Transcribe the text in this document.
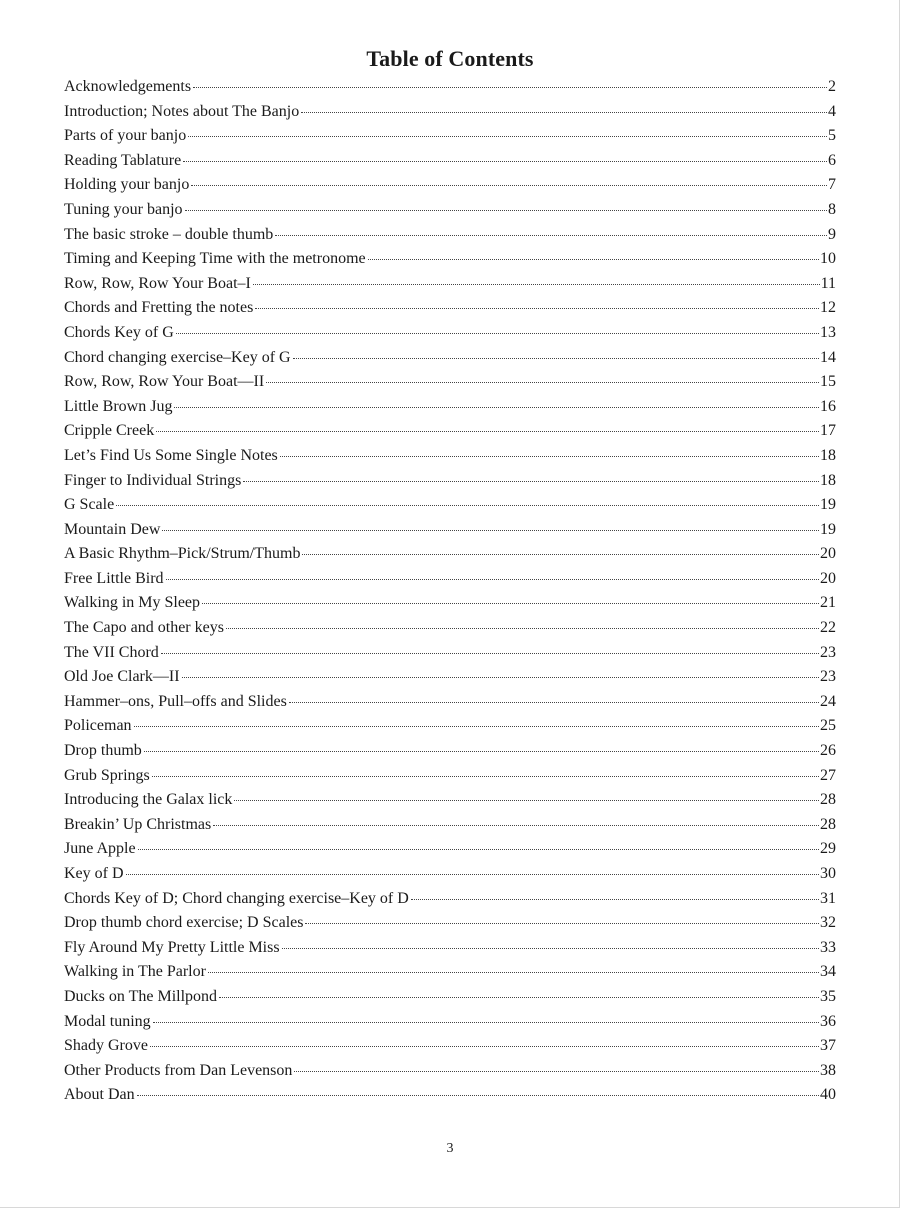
Table of Contents
Acknowledgements	2
Introduction; Notes about The Banjo	4
Parts of your banjo	5
Reading Tablature	6
Holding your banjo	7
Tuning your banjo	8
The basic stroke – double thumb	9
Timing and Keeping Time with the metronome	10
Row, Row, Row Your Boat–I	11
Chords and Fretting the notes	12
Chords Key of G	13
Chord changing exercise–Key of G	14
Row, Row, Row Your Boat—II	15
Little Brown Jug	16
Cripple Creek	17
Let’s Find Us Some Single Notes	18
Finger to Individual Strings	18
G Scale	19
Mountain Dew	19
A Basic Rhythm–Pick/Strum/Thumb	20
Free Little Bird	20
Walking in My Sleep	21
The Capo and other keys	22
The VII Chord	23
Old Joe Clark—II	23
Hammer–ons, Pull–offs and Slides	24
Policeman	25
Drop thumb	26
Grub Springs	27
Introducing the Galax lick	28
Breakin’ Up Christmas	28
June Apple	29
Key of D	30
Chords Key of D; Chord changing exercise–Key of D	31
Drop thumb chord exercise; D Scales	32
Fly Around My Pretty Little Miss	33
Walking in The Parlor	34
Ducks on The Millpond	35
Modal tuning	36
Shady Grove	37
Other Products from Dan Levenson	38
About Dan	40
3
